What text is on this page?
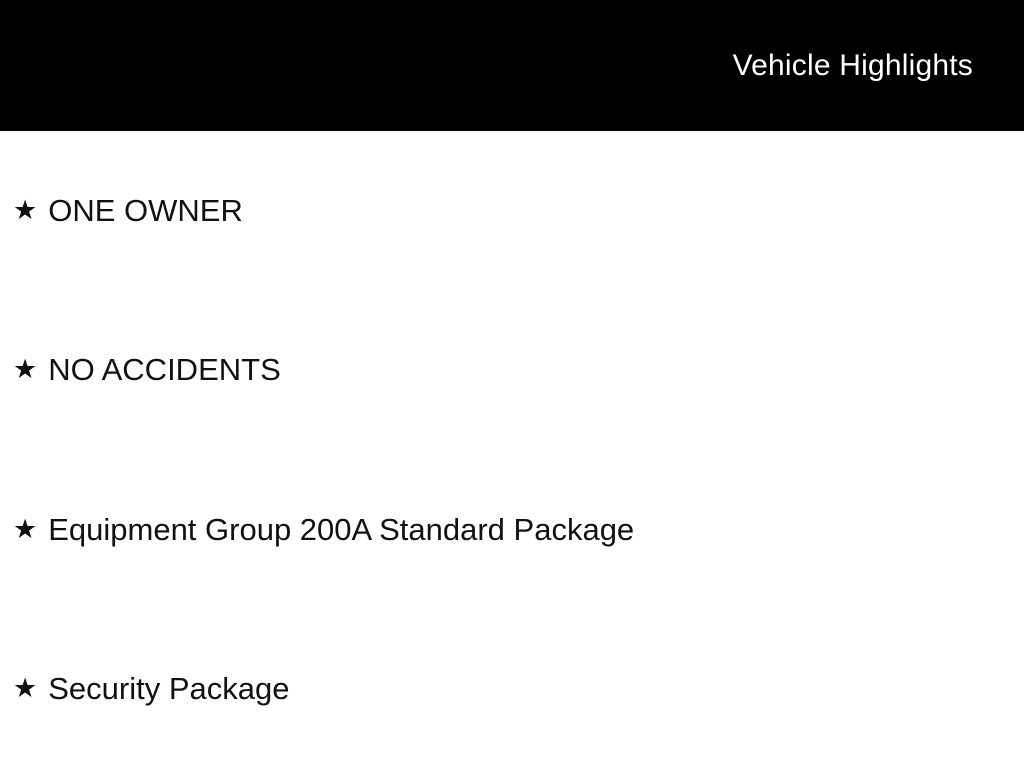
Vehicle Highlights
★ ONE OWNER
★ NO ACCIDENTS
★ Equipment Group 200A Standard Package
★ Security Package
